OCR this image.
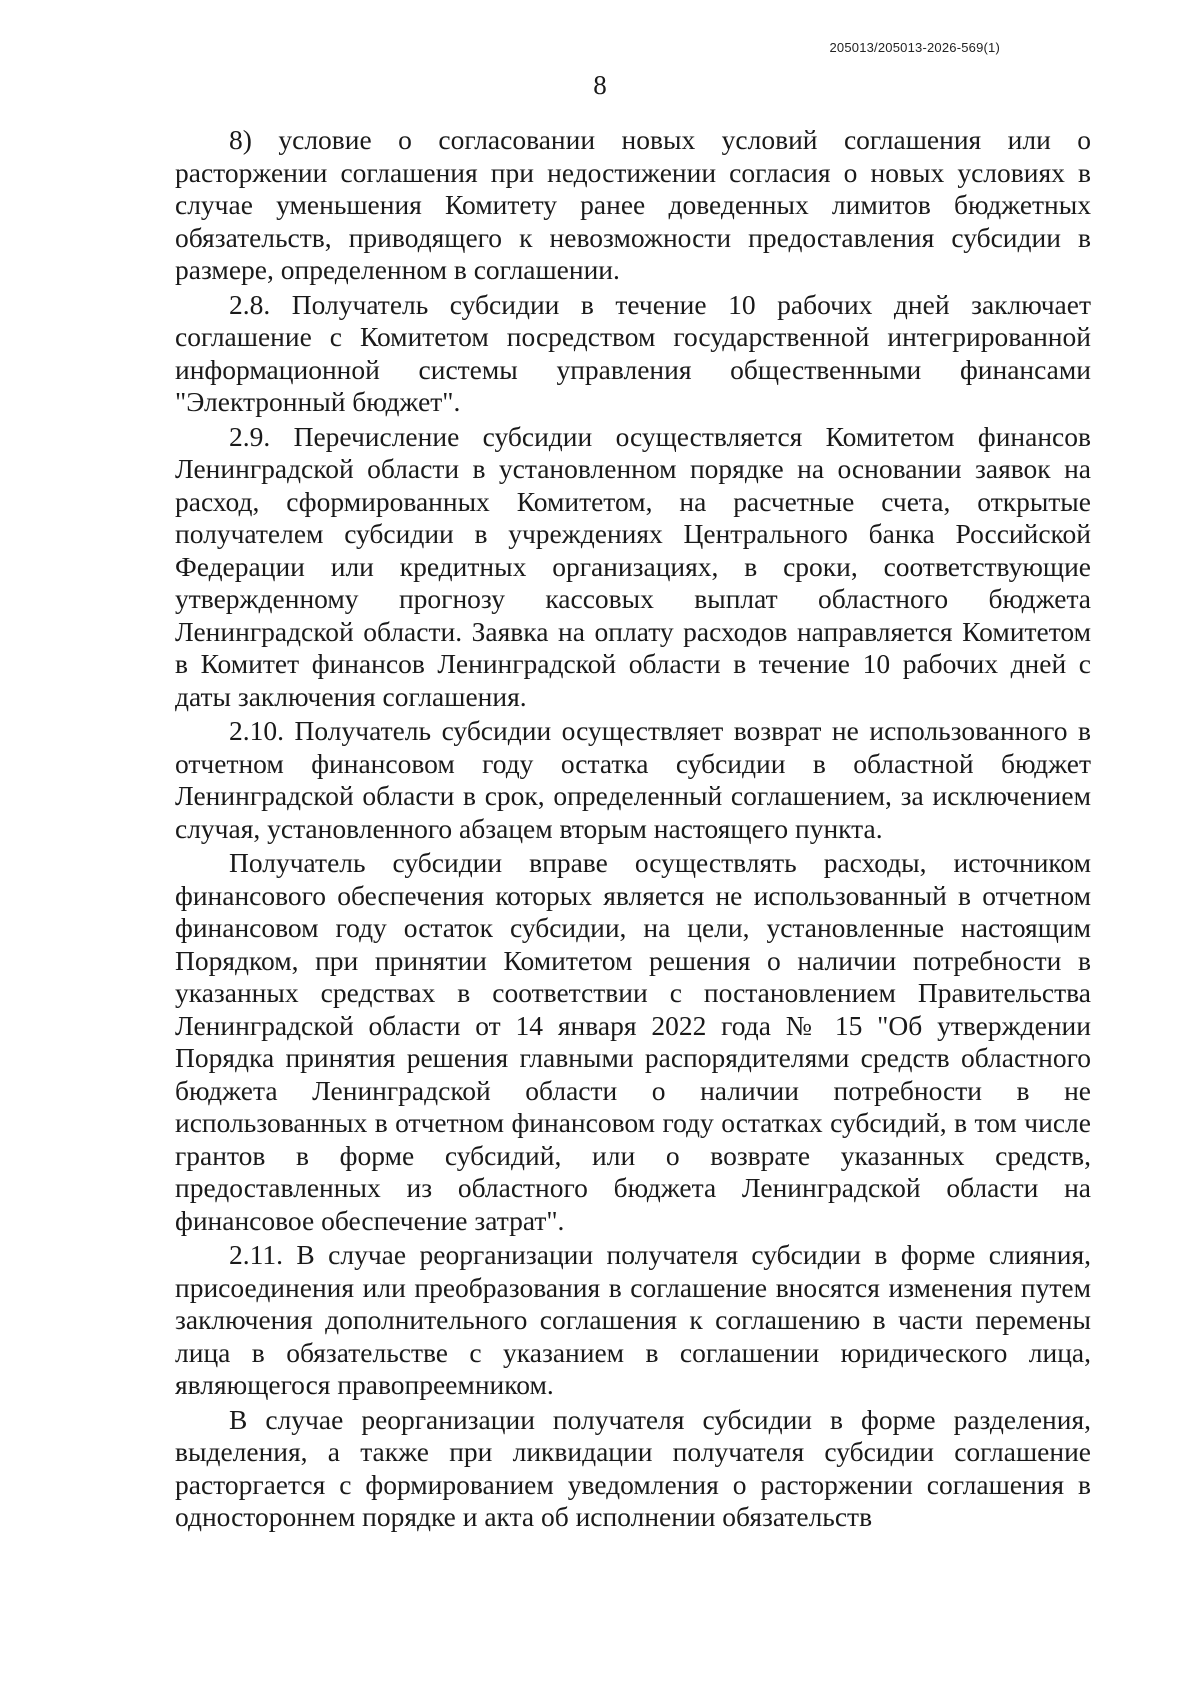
205013/205013-2026-569(1)
8

8) условие о согласовании новых условий соглашения или о расторжении соглашения при недостижении согласия о новых условиях в случае уменьшения Комитету ранее доведенных лимитов бюджетных обязательств, приводящего к невозможности предоставления субсидии в размере, определенном в соглашении.

2.8. Получатель субсидии в течение 10 рабочих дней заключает соглашение с Комитетом посредством государственной интегрированной информационной системы управления общественными финансами "Электронный бюджет".

2.9. Перечисление субсидии осуществляется Комитетом финансов Ленинградской области в установленном порядке на основании заявок на расход, сформированных Комитетом, на расчетные счета, открытые получателем субсидии в учреждениях Центрального банка Российской Федерации или кредитных организациях, в сроки, соответствующие утвержденному прогнозу кассовых выплат областного бюджета Ленинградской области. Заявка на оплату расходов направляется Комитетом в Комитет финансов Ленинградской области в течение 10 рабочих дней с даты заключения соглашения.

2.10. Получатель субсидии осуществляет возврат не использованного в отчетном финансовом году остатка субсидии в областной бюджет Ленинградской области в срок, определенный соглашением, за исключением случая, установленного абзацем вторым настоящего пункта.

Получатель субсидии вправе осуществлять расходы, источником финансового обеспечения которых является не использованный в отчетном финансовом году остаток субсидии, на цели, установленные настоящим Порядком, при принятии Комитетом решения о наличии потребности в указанных средствах в соответствии с постановлением Правительства Ленинградской области от 14 января 2022 года № 15 "Об утверждении Порядка принятия решения главными распорядителями средств областного бюджета Ленинградской области о наличии потребности в не использованных в отчетном финансовом году остатках субсидий, в том числе грантов в форме субсидий, или о возврате указанных средств, предоставленных из областного бюджета Ленинградской области на финансовое обеспечение затрат".

2.11. В случае реорганизации получателя субсидии в форме слияния, присоединения или преобразования в соглашение вносятся изменения путем заключения дополнительного соглашения к соглашению в части перемены лица в обязательстве с указанием в соглашении юридического лица, являющегося правопреемником.

В случае реорганизации получателя субсидии в форме разделения, выделения, а также при ликвидации получателя субсидии соглашение расторгается с формированием уведомления о расторжении соглашения в одностороннем порядке и акта об исполнении обязательств
